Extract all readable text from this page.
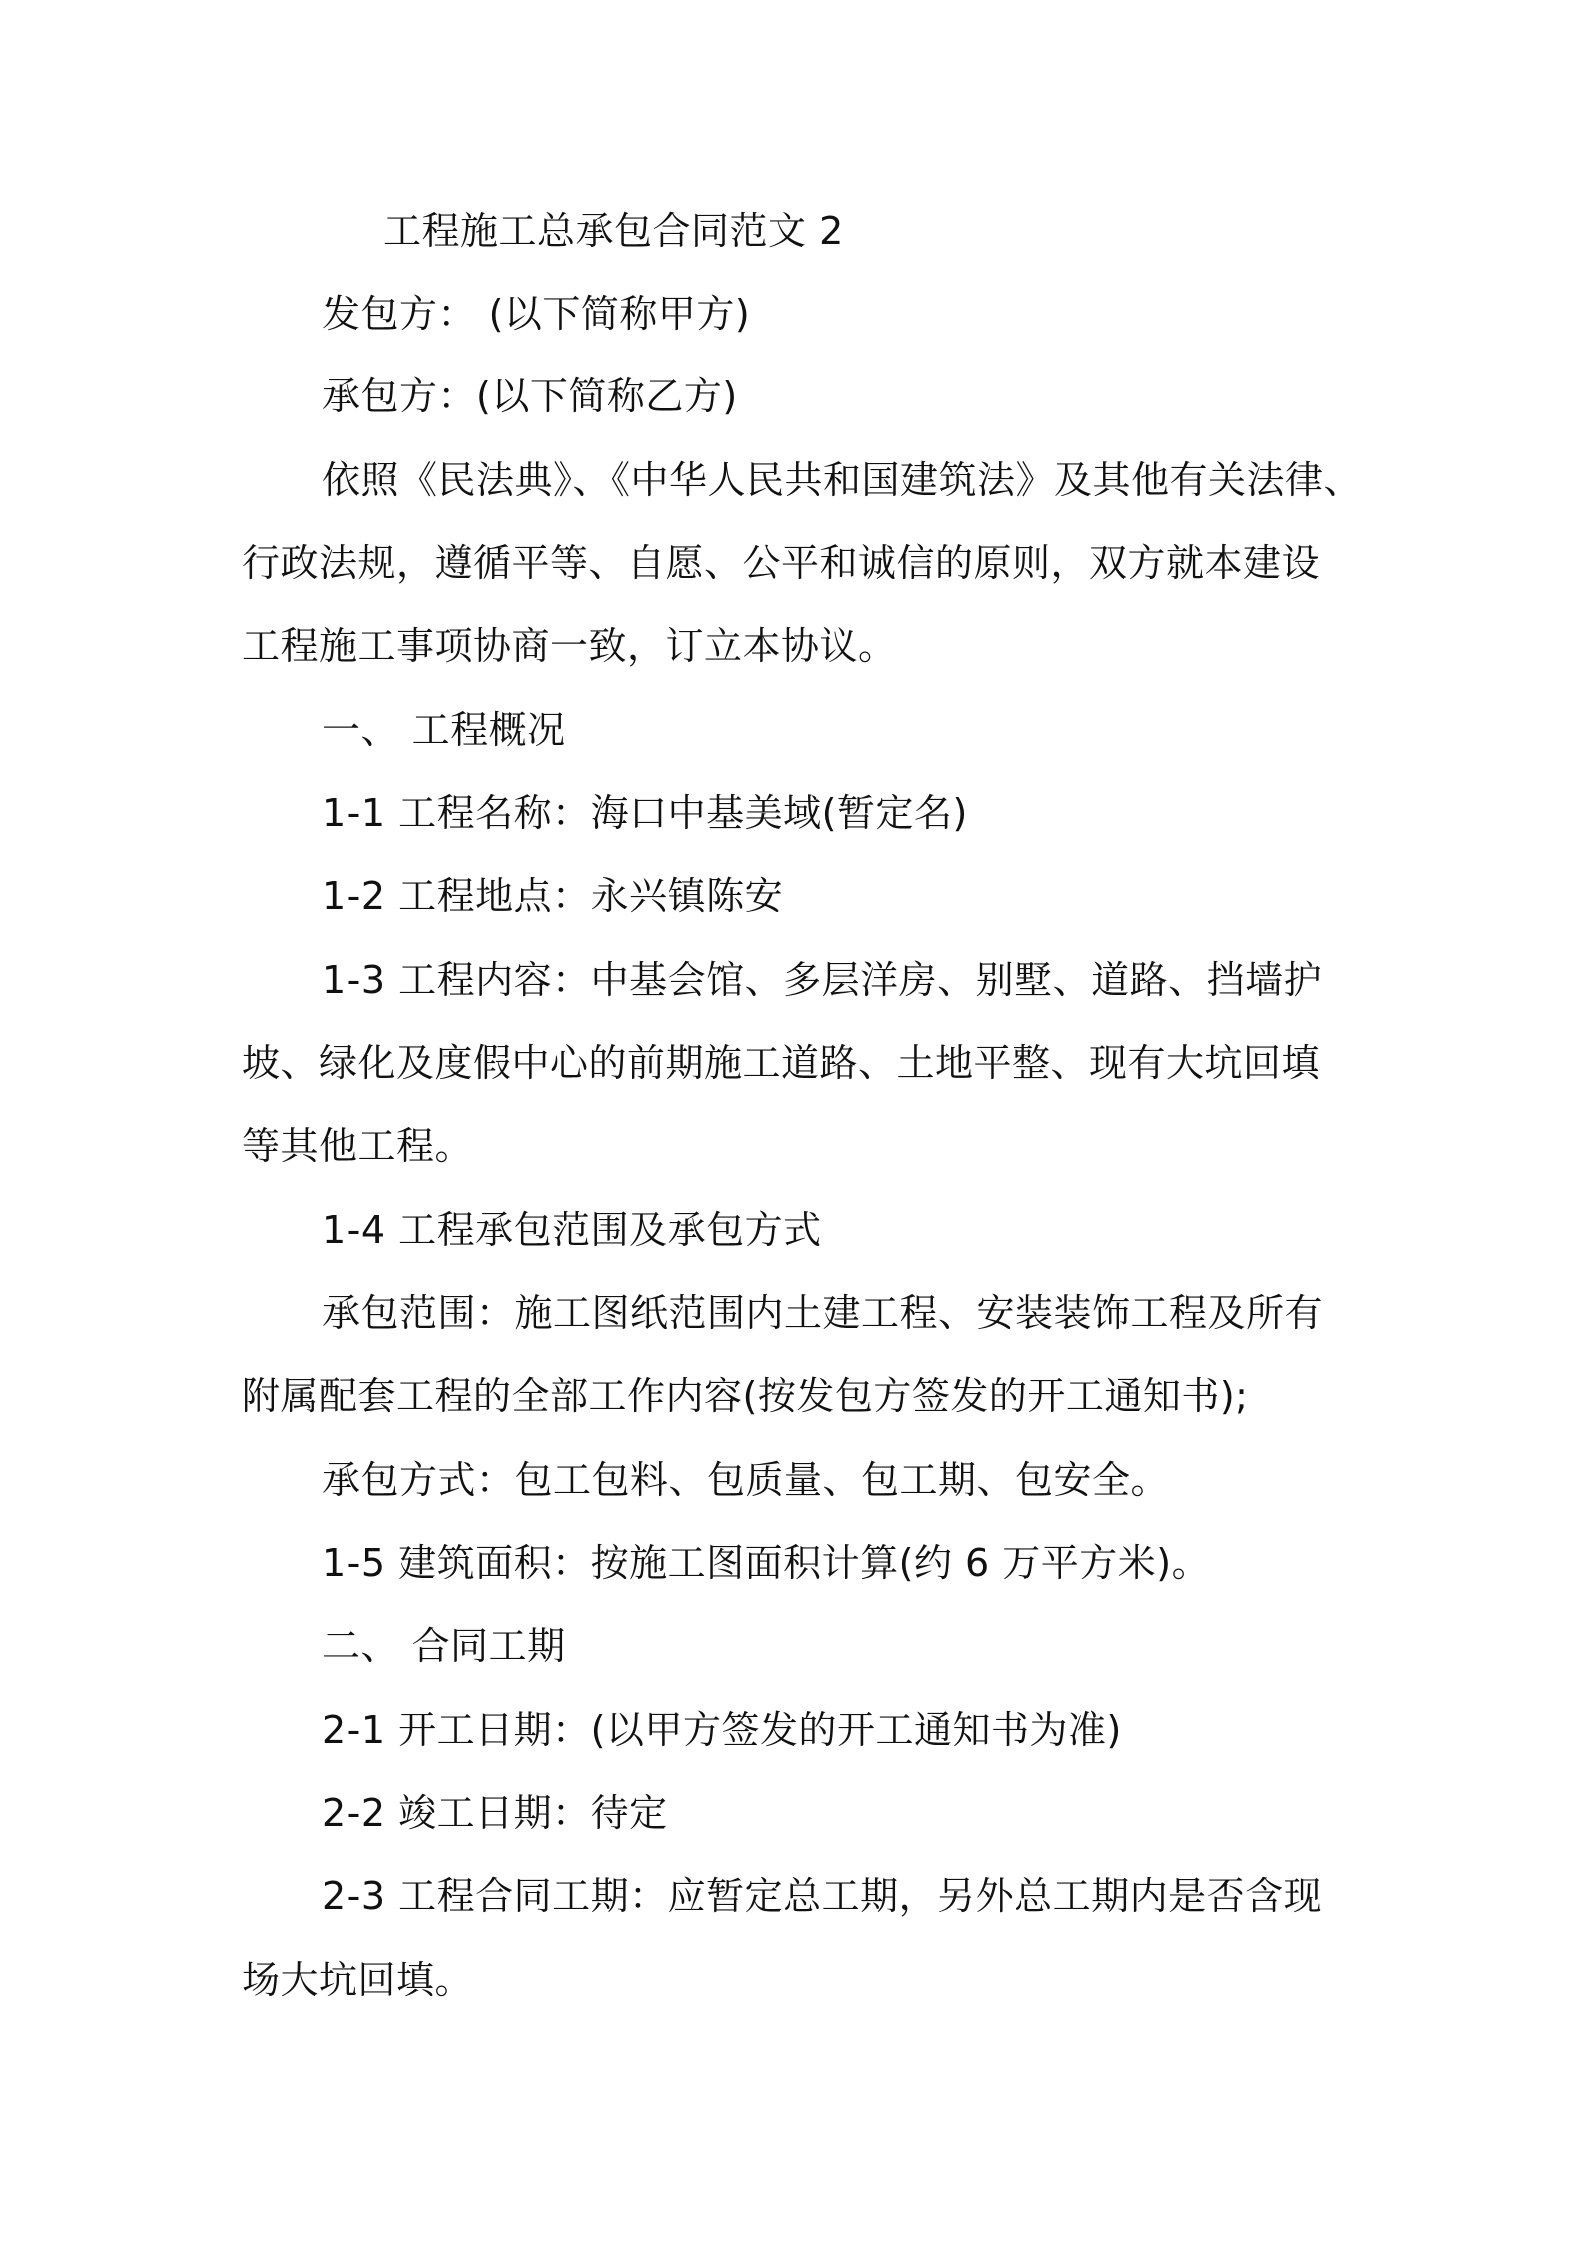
工程施工总承包合同范文 2
发包方： (以下简称甲方)
承包方：(以下简称乙方)
依照《民法典》、《中华人民共和国建筑法》及其他有关法律、
行政法规，遵循平等、自愿、公平和诚信的原则，双方就本建设
工程施工事项协商一致，订立本协议。
一、 工程概况
1-1 工程名称：海口中基美域(暂定名)
1-2 工程地点：永兴镇陈安
1-3 工程内容：中基会馆、多层洋房、别墅、道路、挡墙护
坡、绿化及度假中心的前期施工道路、土地平整、现有大坑回填
等其他工程。
1-4 工程承包范围及承包方式
承包范围：施工图纸范围内土建工程、安装装饰工程及所有
附属配套工程的全部工作内容(按发包方签发的开工通知书);
承包方式：包工包料、包质量、包工期、包安全。
1-5 建筑面积：按施工图面积计算(约 6 万平方米)。
二、 合同工期
2-1 开工日期：(以甲方签发的开工通知书为准)
2-2 竣工日期：待定
2-3 工程合同工期：应暂定总工期，另外总工期内是否含现
场大坑回填。
